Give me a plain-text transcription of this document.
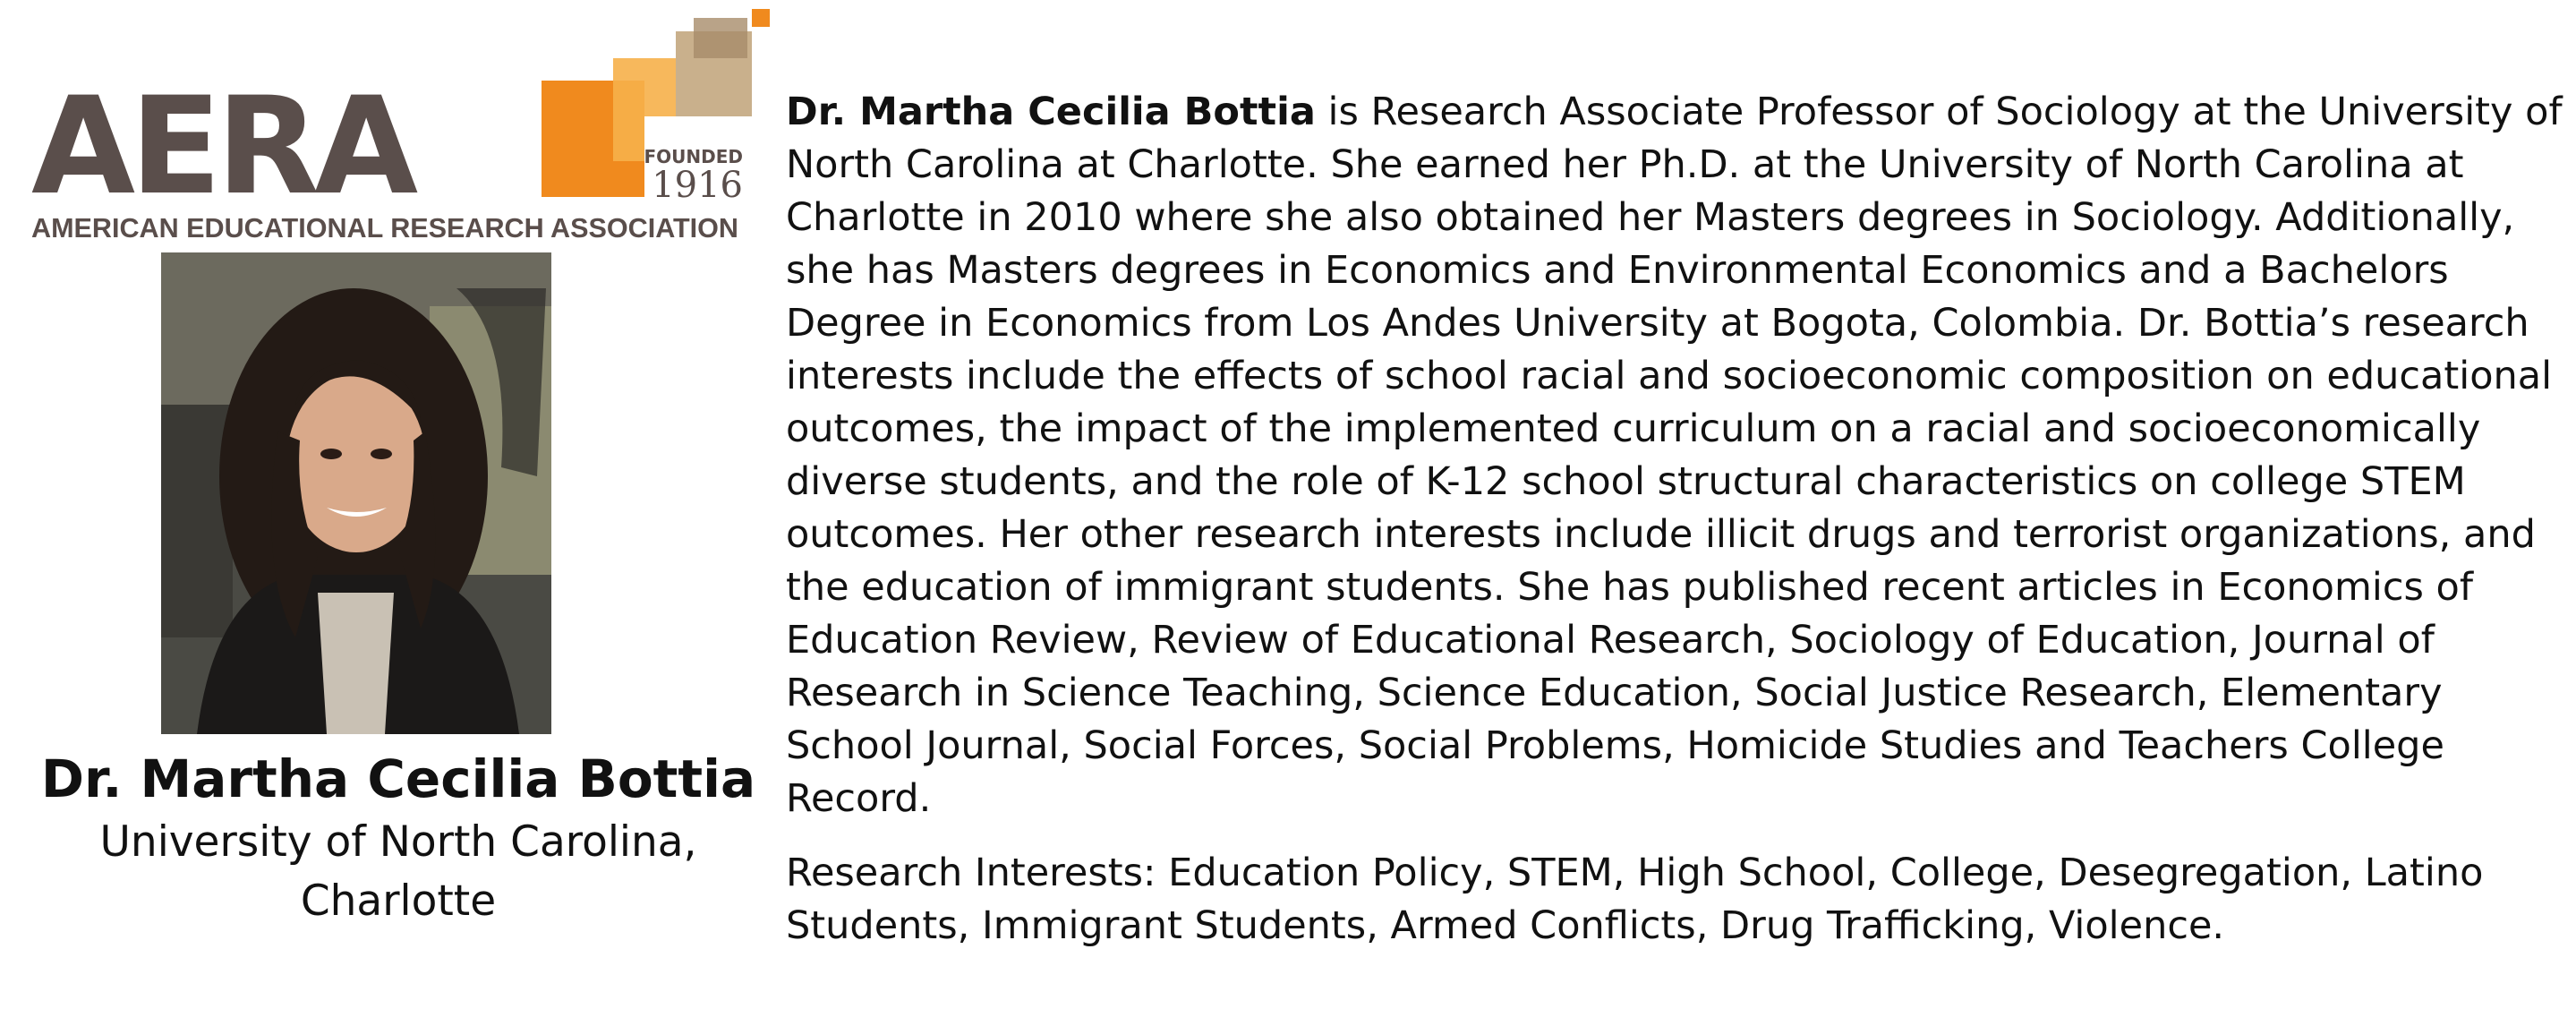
AERA	FOUNDED
1916
AMERICAN EDUCATIONAL RESEARCH ASSOCIATION
Dr. Martha Cecilia Bottia
University of North Carolina,
Charlotte

Dr. Martha Cecilia Bottia is Research Associate Professor of Sociology at the University of North Carolina at Charlotte. She earned her Ph.D. at the University of North Carolina at Charlotte in 2010 where she also obtained her Masters degrees in Sociology. Additionally, she has Masters degrees in Economics and Environmental Economics and a Bachelors Degree in Economics from Los Andes University at Bogota, Colombia. Dr. Bottia’s research interests include the effects of school racial and socioeconomic composition on educational outcomes, the impact of the implemented curriculum on a racial and socioeconomically diverse students, and the role of K-12 school structural characteristics on college STEM outcomes. Her other research interests include illicit drugs and terrorist organizations, and the education of immigrant students. She has published recent articles in Economics of Education Review, Review of Educational Research, Sociology of Education, Journal of Research in Science Teaching, Science Education, Social Justice Research, Elementary School Journal, Social Forces, Social Problems, Homicide Studies and Teachers College Record.

Research Interests: Education Policy, STEM, High School, College, Desegregation, Latino Students, Immigrant Students, Armed Conflicts, Drug Trafficking, Violence.
